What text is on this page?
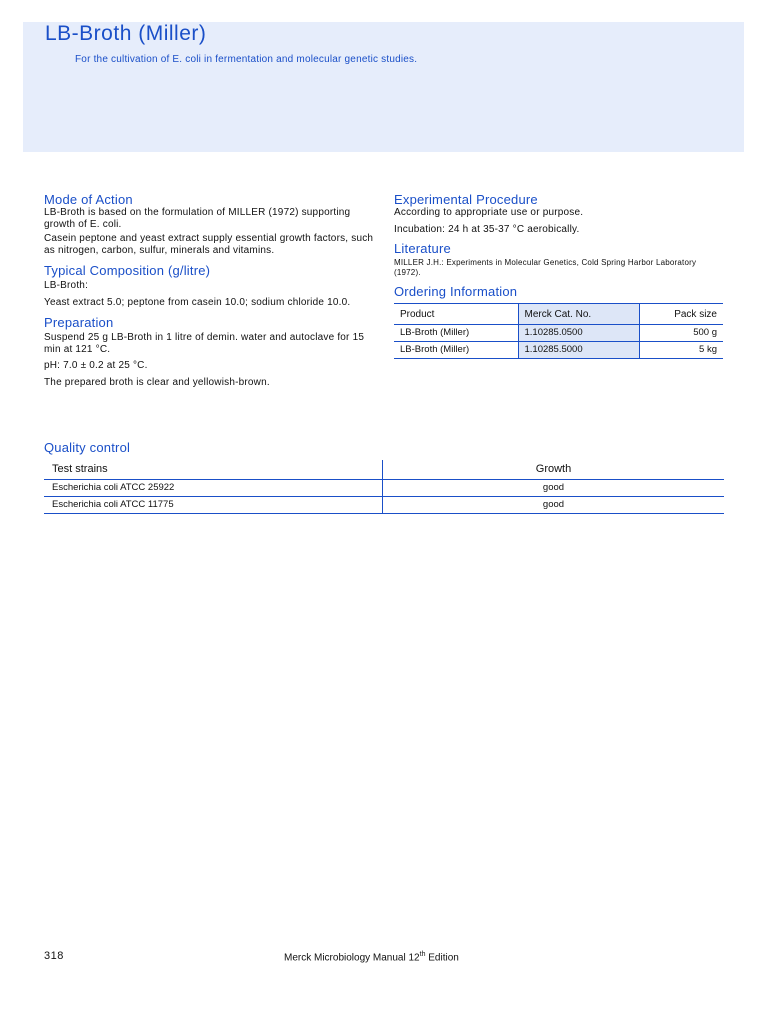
LB-Broth (Miller)

For the cultivation of E. coli in fermentation and molecular genetic studies.

Mode of Action

LB-Broth is based on the formulation of MILLER (1972) supporting growth of E. coli.

Casein peptone and yeast extract supply essential growth factors, such as nitrogen, carbon, sulfur, minerals and vitamins.

Typical Composition (g/litre)

LB-Broth:

Yeast extract 5.0; peptone from casein 10.0; sodium chloride 10.0.

Preparation

Suspend 25 g LB-Broth in 1 litre of demin. water and autoclave for 15 min at 121 °C.

pH: 7.0 ± 0.2 at 25 °C.

The prepared broth is clear and yellowish-brown.

Experimental Procedure

According to appropriate use or purpose.

Incubation: 24 h at 35-37 °C aerobically.

Literature

MILLER J.H.: Experiments in Molecular Genetics, Cold Spring Harbor Laboratory (1972).

Ordering Information
Product	Merck Cat. No.	Pack size
LB-Broth (Miller)	1.10285.0500	500 g
LB-Broth (Miller)	1.10285.5000	5 kg
Quality control
Test strains	Growth
Escherichia coli ATCC 25922	good
Escherichia coli ATCC 11775	good
318	Merck Microbiology Manual 12th Edition
